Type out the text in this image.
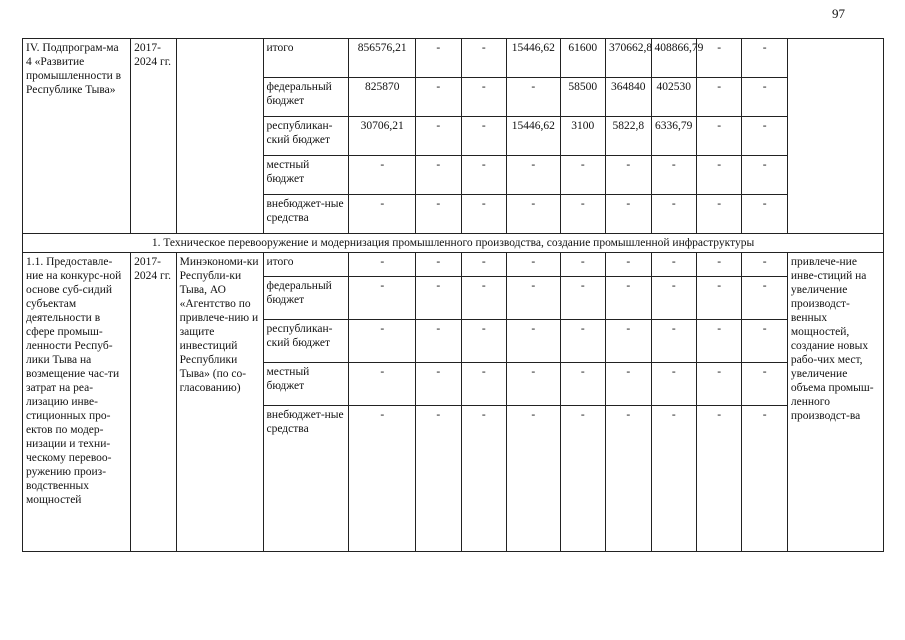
97
IV. Подпрограм-ма 4 «Развитие промышленности в Республике Тыва»	2017-2024 гг.		итого	856576,21	-	-	15446,62	61600	370662,8	408866,79	-	-	
			федеральный бюджет	825870	-	-	-	58500	364840	402530	-	-	
			республикан-ский бюджет	30706,21	-	-	15446,62	3100	5822,8	6336,79	-	-	
			местный бюджет	-	-	-	-	-	-	-	-	-	
			внебюджет-ные средства	-	-	-	-	-	-	-	-	-	
1. Техническое перевооружение и модернизация промышленного производства, создание промышленной инфраструктуры													
1.1. Предоставле-ние на конкурс-ной основе суб-сидий субъектам деятельности в сфере промыш-ленности Респуб-лики Тыва на возмещение час-ти затрат на реа-лизацию инве-стиционных про-ектов по модер-низации и техни-ческому перевоо-ружению произ-водственных мощностей	2017-2024 гг.	Минэкономи-ки Республи-ки Тыва, АО «Агентство по привлече-нию и защите инвестиций Республики Тыва» (по со-гласованию)	итого	-	-	-	-	-	-	-	-	-	привлече-ние инве-стиций на увеличение производст-венных мощностей, создание новых рабо-чих мест, увеличение объема промыш-ленного производст-ва
			федеральный бюджет	-	-	-	-	-	-	-	-	-	
			республикан-ский бюджет	-	-	-	-	-	-	-	-	-	
			местный бюджет	-	-	-	-	-	-	-	-	-	
			внебюджет-ные средства	-	-	-	-	-	-	-	-	-	
